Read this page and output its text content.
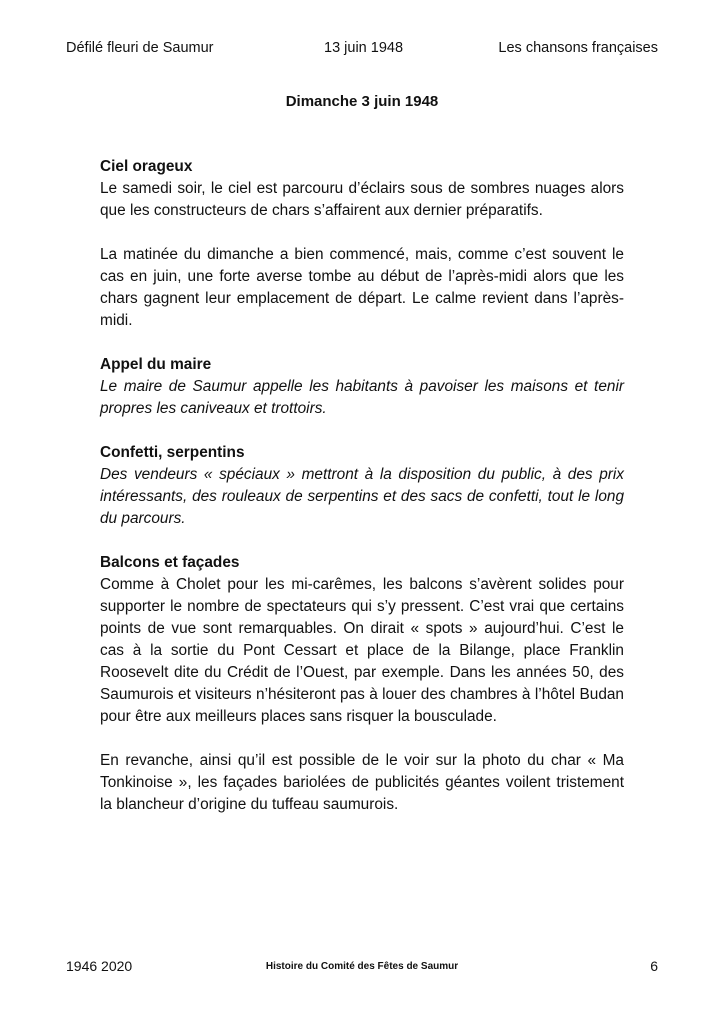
Défilé fleuri de Saumur	13 juin 1948	Les chansons françaises
Dimanche 3 juin 1948
Ciel orageux

Le samedi soir, le ciel est parcouru d’éclairs sous de sombres nuages alors que les constructeurs de chars s’affairent aux dernier préparatifs.

La matinée du dimanche a bien commencé, mais, comme c’est souvent le cas en juin, une forte averse tombe au début de l’après-midi alors que les chars gagnent leur emplacement de départ. Le calme revient dans l’après-midi.

Appel du maire

Le maire de Saumur appelle les habitants à pavoiser les maisons et tenir propres les caniveaux et trottoirs.

Confetti, serpentins

Des vendeurs « spéciaux » mettront à la disposition du public, à des prix intéressants, des rouleaux de serpentins et des sacs de confetti, tout le long du parcours.

Balcons et façades

Comme à Cholet pour les mi-carêmes, les balcons s’avèrent solides pour supporter le nombre de spectateurs qui s’y pressent. C’est vrai que certains points de vue sont remarquables. On dirait « spots » aujourd’hui. C’est le cas à la sortie du Pont Cessart et place de la Bilange, place Franklin Roosevelt dite du Crédit de l’Ouest, par exemple. Dans les années 50, des Saumurois et visiteurs n’hésiteront pas à louer des chambres à l’hôtel Budan pour être aux meilleurs places sans risquer la bousculade.

En revanche, ainsi qu’il est possible de le voir sur la photo du char « Ma Tonkinoise », les façades bariolées de publicités géantes voilent tristement la blancheur d’origine du tuffeau saumurois.

1946 2020	Histoire du Comité des Fêtes de Saumur	6
